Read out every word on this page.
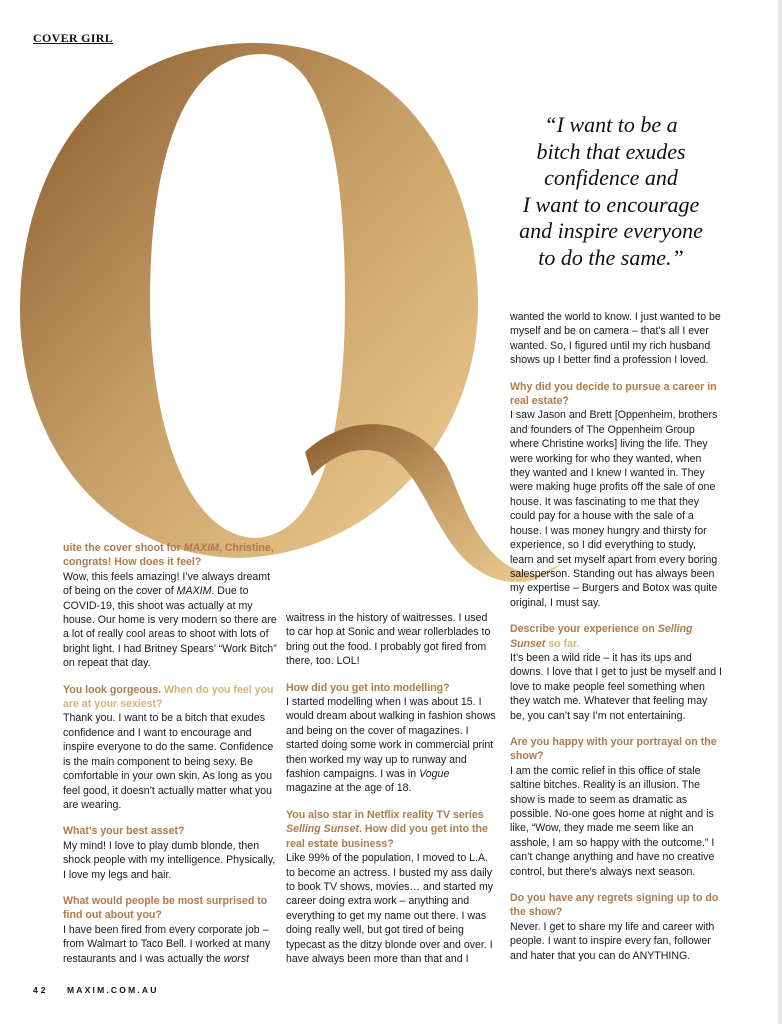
COVER GIRL
“I want to be a
bitch that exudes
confidence and
I want to encourage
and inspire everyone
to do the same.”

uite the cover shoot for MAXIM, Christine, congrats! How does it feel?

Wow, this feels amazing! I’ve always dreamt of being on the cover of MAXIM. Due to COVID-19, this shoot was actually at my house. Our home is very modern so there are a lot of really cool areas to shoot with lots of bright light. I had Britney Spears’ “Work Bitch” on repeat that day.

You look gorgeous. When do you feel you are at your sexiest?

Thank you. I want to be a bitch that exudes confidence and I want to encourage and inspire everyone to do the same. Confidence is the main component to being sexy. Be comfortable in your own skin. As long as you feel good, it doesn’t actually matter what you are wearing.

What’s your best asset?

My mind! I love to play dumb blonde, then shock people with my intelligence. Physically, I love my legs and hair.

What would people be most surprised to find out about you?

I have been fired from every corporate job – from Walmart to Taco Bell. I worked at many restaurants and I was actually the worst

waitress in the history of waitresses. I used to car hop at Sonic and wear rollerblades to bring out the food. I probably got fired from there, too. LOL!

How did you get into modelling?

I started modelling when I was about 15. I would dream about walking in fashion shows and being on the cover of magazines. I started doing some work in commercial print then worked my way up to runway and fashion campaigns. I was in Vogue magazine at the age of 18.

You also star in Netflix reality TV series Selling Sunset. How did you get into the real estate business?

Like 99% of the population, I moved to L.A. to become an actress. I busted my ass daily to book TV shows, movies… and started my career doing extra work – anything and everything to get my name out there. I was doing really well, but got tired of being typecast as the ditzy blonde over and over. I have always been more than that and I

wanted the world to know. I just wanted to be myself and be on camera – that’s all I ever wanted. So, I figured until my rich husband shows up I better find a profession I loved.

Why did you decide to pursue a career in real estate?

I saw Jason and Brett [Oppenheim, brothers and founders of The Oppenheim Group where Christine works] living the life. They were working for who they wanted, when they wanted and I knew I wanted in. They were making huge profits off the sale of one house. It was fascinating to me that they could pay for a house with the sale of a house. I was money hungry and thirsty for experience, so I did everything to study, learn and set myself apart from every boring salesperson. Standing out has always been my expertise – Burgers and Botox was quite original, I must say.

Describe your experience on Selling Sunset so far.

It’s been a wild ride – it has its ups and downs. I love that I get to just be myself and I love to make people feel something when they watch me. Whatever that feeling may be, you can’t say I’m not entertaining.

Are you happy with your portrayal on the show?

I am the comic relief in this office of stale saltine bitches. Reality is an illusion. The show is made to seem as dramatic as possible. No-one goes home at night and is like, “Wow, they made me seem like an asshole, I am so happy with the outcome.” I can’t change anything and have no creative control, but there’s always next season.

Do you have any regrets signing up to do the show?

Never. I get to share my life and career with people. I want to inspire every fan, follower and hater that you can do ANYTHING.

42 MAXIM.COM.AU
